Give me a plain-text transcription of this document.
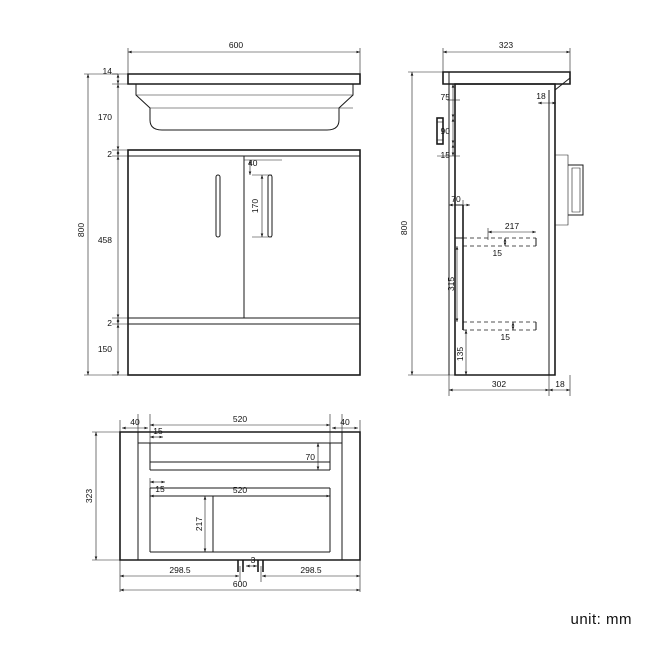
600
14
170
2
458
2
150
800
40
170
323
800
75
90
15
18
70
217
15
315
135
15
302	18
40
15
520	40
70
15	520
217
323
298.5
3
298.5
600
unit: mm
